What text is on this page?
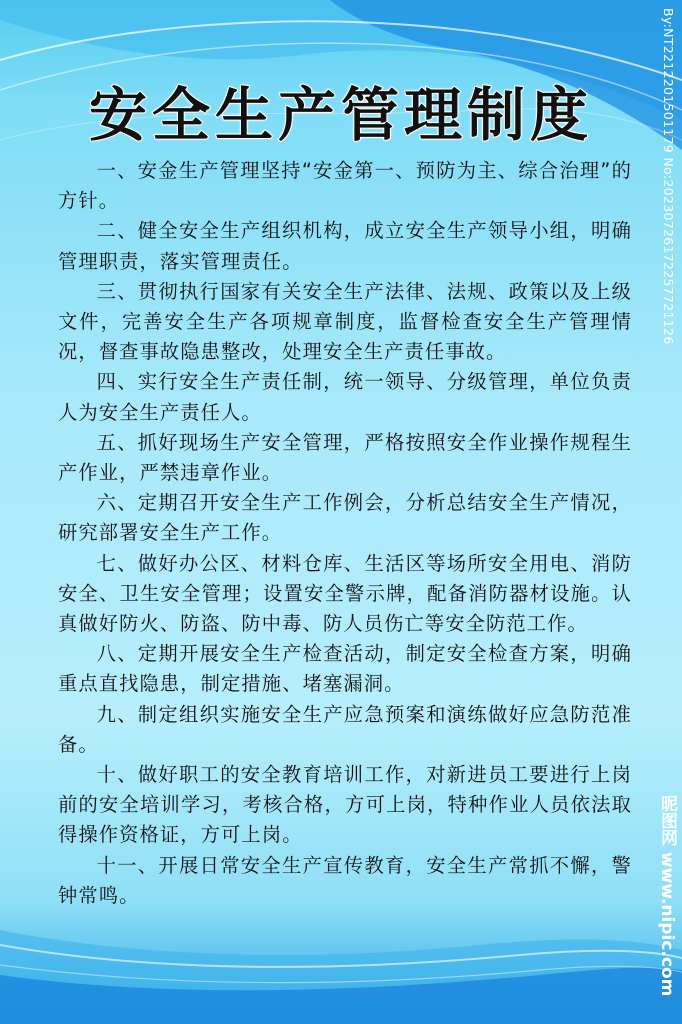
安全生产管理制度

一、安金生产管理坚持“安金第一、预防为主、综合治理”的方针。

二、健全安全生产组织机构，成立安全生产领导小组，明确管理职责，落实管理责任。

三、贯彻执行国家有关安全生产法律、法规、政策以及上级文件，完善安全生产各项规章制度，监督检查安全生产管理情况，督查事故隐患整改，处理安全生产责任事故。

四、实行安全生产责任制，统一领导、分级管理，单位负责人为安全生产责任人。

五、抓好现场生产安全管理，严格按照安全作业操作规程生产作业，严禁违章作业。

六、定期召开安全生产工作例会，分析总结安全生产情况，研究部署安全生产工作。

七、做好办公区、材料仓库、生活区等场所安全用电、消防安全、卫生安全管理；设置安全警示牌，配备消防器材设施。认真做好防火、防盗、防中毒、防人员伤亡等安全防范工作。

八、定期开展安全生产检查活动，制定安全检查方案，明确重点直找隐患，制定措施、堵塞漏洞。

九、制定组织实施安全生产应急预案和演练做好应急防范准备。

十、做好职工的安全教育培训工作，对新进员工要进行上岗前的安全培训学习，考核合格，方可上岗，特种作业人员依法取得操作资格证，方可上岗。

十一、开展日常安全生产宣传教育，安全生产常抓不懈，警钟常鸣。

By:NT2212201501179 No:20230726172257721126
昵图网 www.nipic.com
